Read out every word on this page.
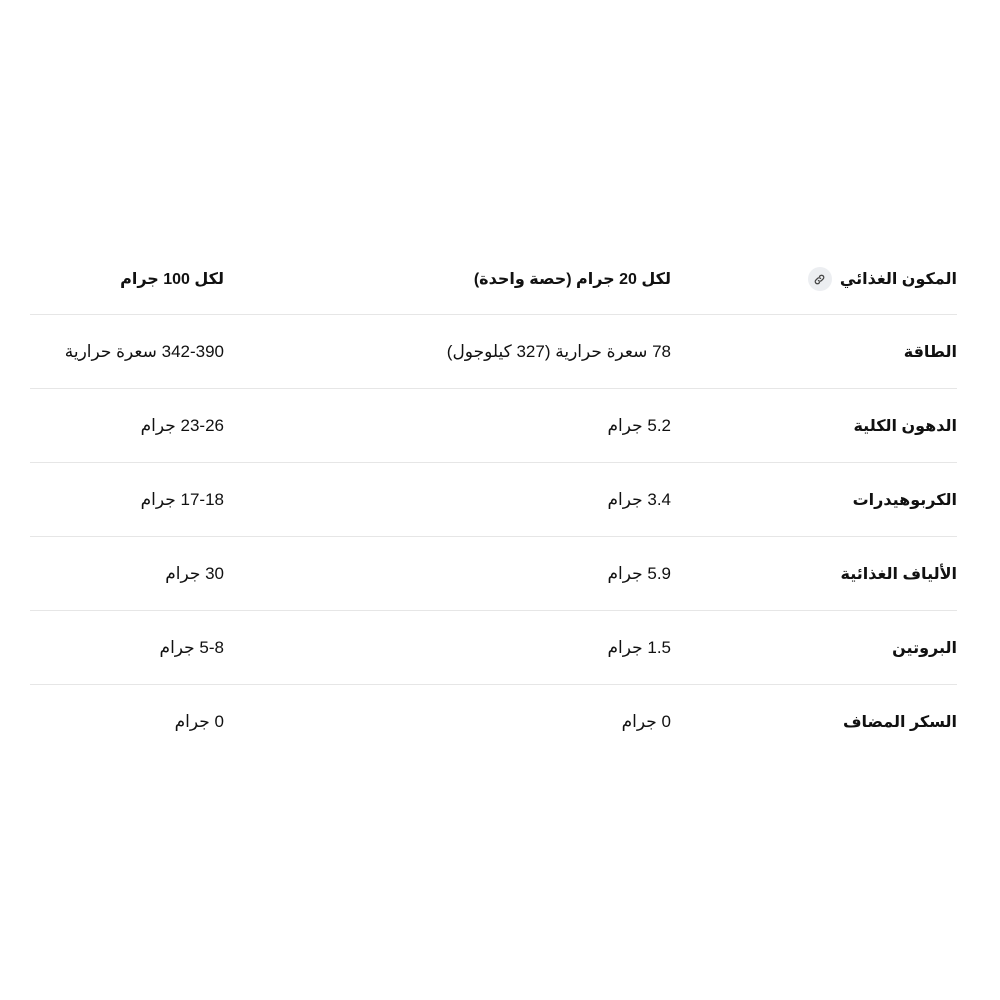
المكون الغذائي	لكل 20 جرام (حصة واحدة)	لكل 100 جرام
الطاقة	78 سعرة حرارية (327 كيلوجول)	342-390 سعرة حرارية
الدهون الكلية	5.2 جرام	23-26 جرام
الكربوهيدرات	3.4 جرام	17-18 جرام
الألياف الغذائية	5.9 جرام	30 جرام
البروتين	1.5 جرام	5-8 جرام
السكر المضاف	0 جرام	0 جرام
